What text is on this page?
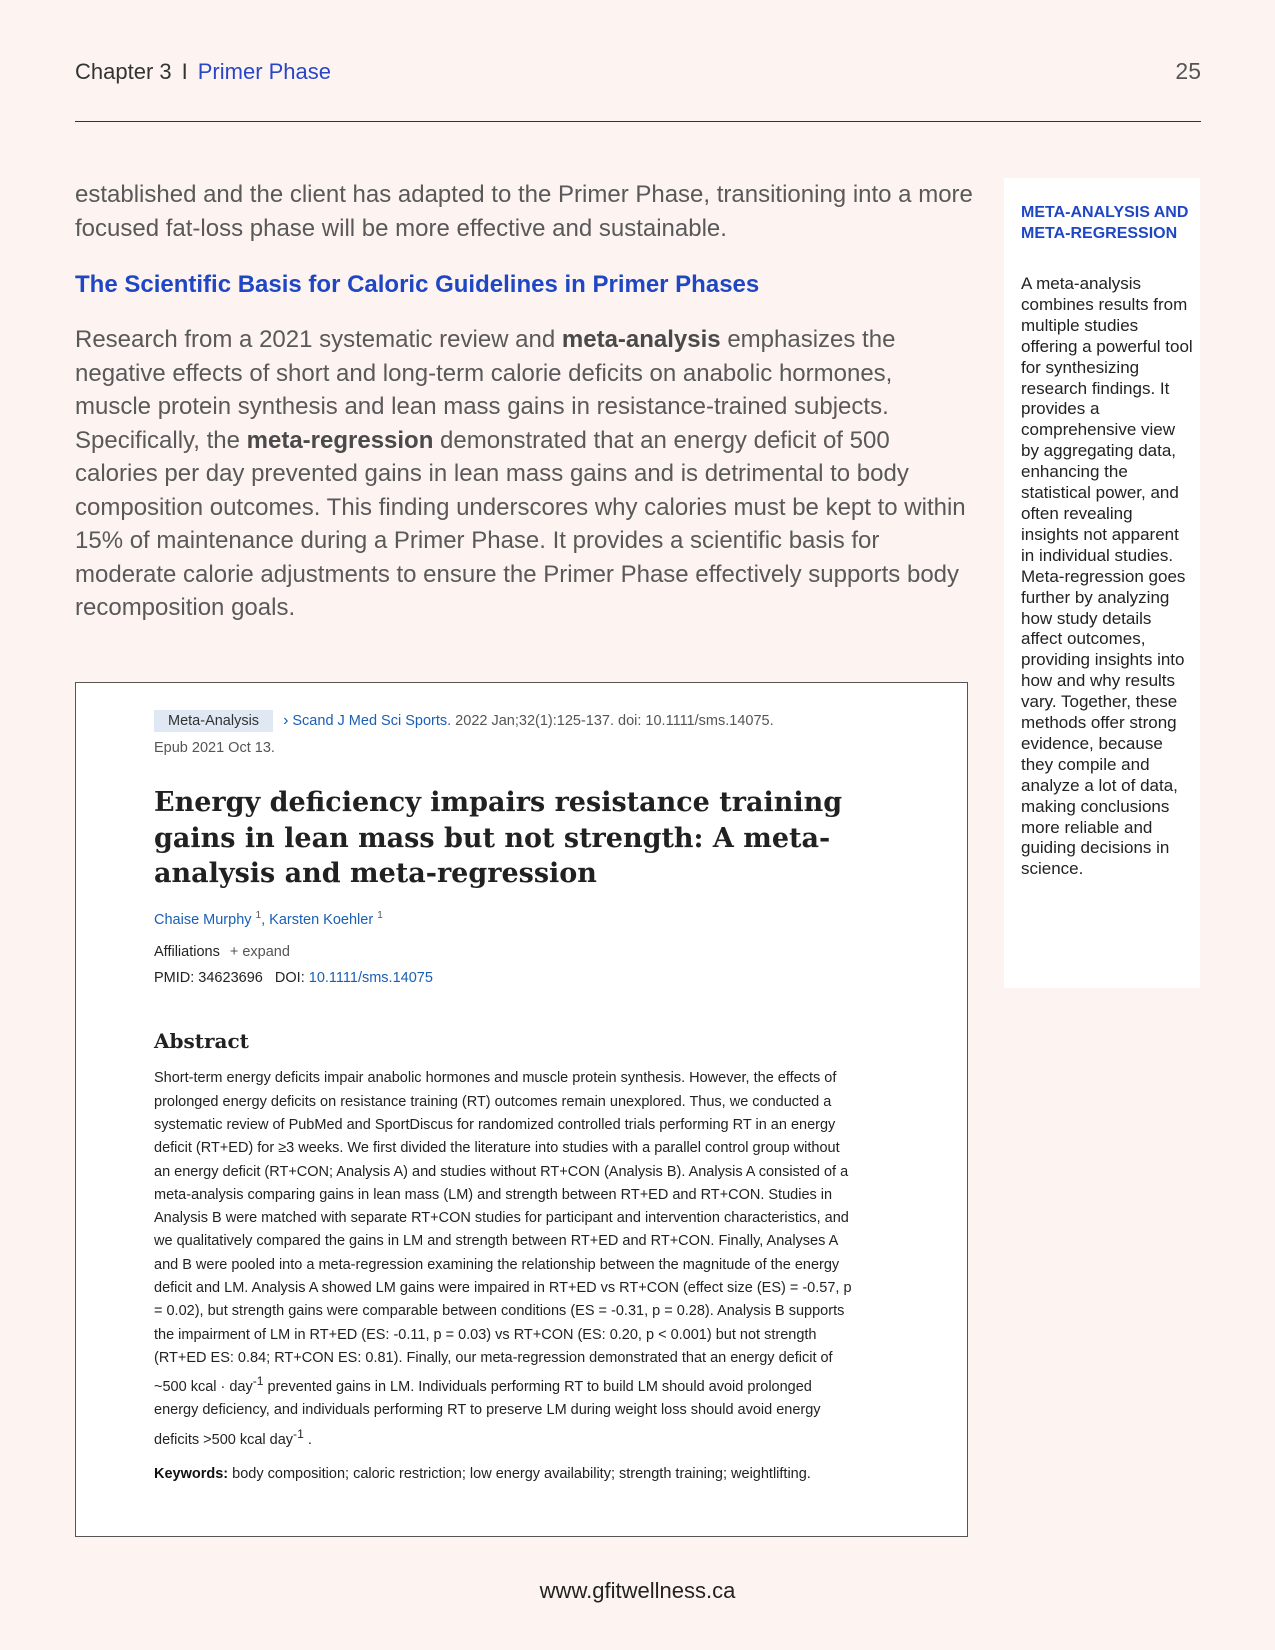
Chapter 3 I Primer Phase	25

established and the client has adapted to the Primer Phase, transitioning into a more focused fat-loss phase will be more effective and sustainable.

The Scientific Basis for Caloric Guidelines in Primer Phases

Research from a 2021 systematic review and meta-analysis emphasizes the negative effects of short and long-term calorie deficits on anabolic hormones, muscle protein synthesis and lean mass gains in resistance-trained subjects. Specifically, the meta-regression demonstrated that an energy deficit of 500 calories per day prevented gains in lean mass gains and is detrimental to body composition outcomes. This finding underscores why calories must be kept to within 15% of maintenance during a Primer Phase. It provides a scientific basis for moderate calorie adjustments to ensure the Primer Phase effectively supports body recomposition goals.

META-ANALYSIS AND META-REGRESSION
A meta-analysis combines results from multiple studies offering a powerful tool for synthesizing research findings. It provides a comprehensive view by aggregating data, enhancing the statistical power, and often revealing insights not apparent in individual studies. Meta-regression goes further by analyzing how study details affect outcomes, providing insights into how and why results vary. Together, these methods offer strong evidence, because they compile and analyze a lot of data, making conclusions more reliable and guiding decisions in science.
Meta-Analysis › Scand J Med Sci Sports. 2022 Jan;32(1):125-137. doi: 10.1111/sms.14075.
Epub 2021 Oct 13.
Energy deficiency impairs resistance training gains in lean mass but not strength: A meta-analysis and meta-regression
Chaise Murphy $^1$, Karsten Koehler $^1$
Affiliations + expand
PMID: 34623696 DOI: 10.1111/sms.14075
Abstract
Short-term energy deficits impair anabolic hormones and muscle protein synthesis. However, the effects of prolonged energy deficits on resistance training (RT) outcomes remain unexplored. Thus, we conducted a systematic review of PubMed and SportDiscus for randomized controlled trials performing RT in an energy deficit (RT+ED) for ≥3 weeks. We first divided the literature into studies with a parallel control group without an energy deficit (RT+CON; Analysis A) and studies without RT+CON (Analysis B). Analysis A consisted of a meta-analysis comparing gains in lean mass (LM) and strength between RT+ED and RT+CON. Studies in Analysis B were matched with separate RT+CON studies for participant and intervention characteristics, and we qualitatively compared the gains in LM and strength between RT+ED and RT+CON. Finally, Analyses A and B were pooled into a meta-regression examining the relationship between the magnitude of the energy deficit and LM. Analysis A showed LM gains were impaired in RT+ED vs RT+CON (effect size (ES) = -0.57, p = 0.02), but strength gains were comparable between conditions (ES = -0.31, p = 0.28). Analysis B supports the impairment of LM in RT+ED (ES: -0.11, p = 0.03) vs RT+CON (ES: 0.20, p < 0.001) but not strength (RT+ED ES: 0.84; RT+CON ES: 0.81). Finally, our meta-regression demonstrated that an energy deficit of ~500 kcal · day$^{-1}$ prevented gains in LM. Individuals performing RT to build LM should avoid prolonged energy deficiency, and individuals performing RT to preserve LM during weight loss should avoid energy deficits >500 kcal day$^{-1}$ .
Keywords: body composition; caloric restriction; low energy availability; strength training; weightlifting.
www.gfitwellness.ca
